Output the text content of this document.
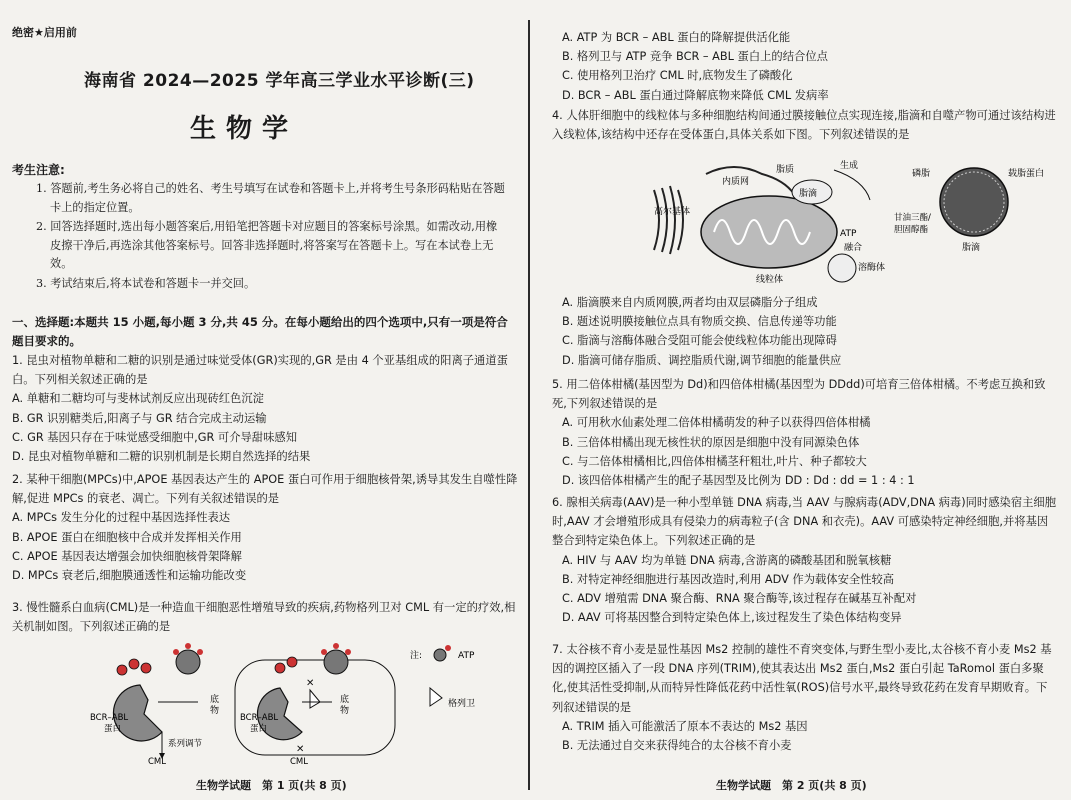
绝密★启用前
海南省 2024—2025 学年高三学业水平诊断(三)
生物学
考生注意:

1. 答题前,考生务必将自己的姓名、考生号填写在试卷和答题卡上,并将考生号条形码粘贴在答题卡上的指定位置。

2. 回答选择题时,选出每小题答案后,用铅笔把答题卡对应题目的答案标号涂黑。如需改动,用橡皮擦干净后,再选涂其他答案标号。回答非选择题时,将答案写在答题卡上。写在本试卷上无效。

3. 考试结束后,将本试卷和答题卡一并交回。

一、选择题:本题共 15 小题,每小题 3 分,共 45 分。在每小题给出的四个选项中,只有一项是符合题目要求的。

1. 昆虫对植物单糖和二糖的识别是通过味觉受体(GR)实现的,GR 是由 4 个亚基组成的阳离子通道蛋白。下列相关叙述正确的是

A. 单糖和二糖均可与斐林试剂反应出现砖红色沉淀

B. GR 识别糖类后,阳离子与 GR 结合完成主动运输

C. GR 基因只存在于味觉感受细胞中,GR 可介导甜味感知

D. 昆虫对植物单糖和二糖的识别机制是长期自然选择的结果

2. 某种干细胞(MPCs)中,APOE 基因表达产生的 APOE 蛋白可作用于细胞核骨架,诱导其发生自噬性降解,促进 MPCs 的衰老、凋亡。下列有关叙述错误的是

A. MPCs 发生分化的过程中基因选择性表达

B. APOE 蛋白在细胞核中合成并发挥相关作用

C. APOE 基因表达增强会加快细胞核骨架降解

D. MPCs 衰老后,细胞膜通透性和运输功能改变

3. 慢性髓系白血病(CML)是一种造血干细胞恶性增殖导致的疾病,药物格列卫对 CML 有一定的疗效,相关机制如图。下列叙述正确的是

底
物
BCR–ABL
蛋白
系列调节
CML
✕
✕
底
物
BCR–ABL
蛋白
CML
注:	ATP
格列卫
生物学试题　第 1 页(共 8 页)

A. ATP 为 BCR – ABL 蛋白的降解提供活化能

B. 格列卫与 ATP 竞争 BCR – ABL 蛋白上的结合位点

C. 使用格列卫治疗 CML 时,底物发生了磷酸化

D. BCR – ABL 蛋白通过降解底物来降低 CML 发病率

4. 人体肝细胞中的线粒体与多种细胞结构间通过膜接触位点实现连接,脂滴和自噬产物可通过该结构进入线粒体,该结构中还存在受体蛋白,具体关系如下图。下列叙述错误的是

高尔基体
内质网
线粒体
脂滴
脂质	生成
ATP
融合
溶酶体
磷脂	载脂蛋白
甘油三酯/
胆固醇酯
脂滴

A. 脂滴膜来自内质网膜,两者均由双层磷脂分子组成

B. 题述说明膜接触位点具有物质交换、信息传递等功能

C. 脂滴与溶酶体融合受阻可能会使线粒体功能出现障碍

D. 脂滴可储存脂质、调控脂质代谢,调节细胞的能量供应

5. 用二倍体柑橘(基因型为 Dd)和四倍体柑橘(基因型为 DDdd)可培育三倍体柑橘。不考虑互换和致死,下列叙述错误的是

A. 可用秋水仙素处理二倍体柑橘萌发的种子以获得四倍体柑橘

B. 三倍体柑橘出现无核性状的原因是细胞中没有同源染色体

C. 与二倍体柑橘相比,四倍体柑橘茎秆粗壮,叶片、种子都较大

D. 该四倍体柑橘产生的配子基因型及比例为 DD : Dd : dd = 1 : 4 : 1

6. 腺相关病毒(AAV)是一种小型单链 DNA 病毒,当 AAV 与腺病毒(ADV,DNA 病毒)同时感染宿主细胞时,AAV 才会增殖形成具有侵染力的病毒粒子(含 DNA 和衣壳)。AAV 可感染特定神经细胞,并将基因整合到特定染色体上。下列叙述正确的是

A. HIV 与 AAV 均为单链 DNA 病毒,含游离的磷酸基团和脱氧核糖

B. 对特定神经细胞进行基因改造时,利用 ADV 作为载体安全性较高

C. ADV 增殖需 DNA 聚合酶、RNA 聚合酶等,该过程存在碱基互补配对

D. AAV 可将基因整合到特定染色体上,该过程发生了染色体结构变异

7. 太谷核不育小麦是显性基因 Ms2 控制的雄性不育突变体,与野生型小麦比,太谷核不育小麦 Ms2 基因的调控区插入了一段 DNA 序列(TRIM),使其表达出 Ms2 蛋白,Ms2 蛋白引起 TaRomol 蛋白多聚化,使其活性受抑制,从而特异性降低花药中活性氧(ROS)信号水平,最终导致花药在发育早期败育。下列叙述错误的是

A. TRIM 插入可能激活了原本不表达的 Ms2 基因

B. 无法通过自交来获得纯合的太谷核不育小麦

生物学试题　第 2 页(共 8 页)
